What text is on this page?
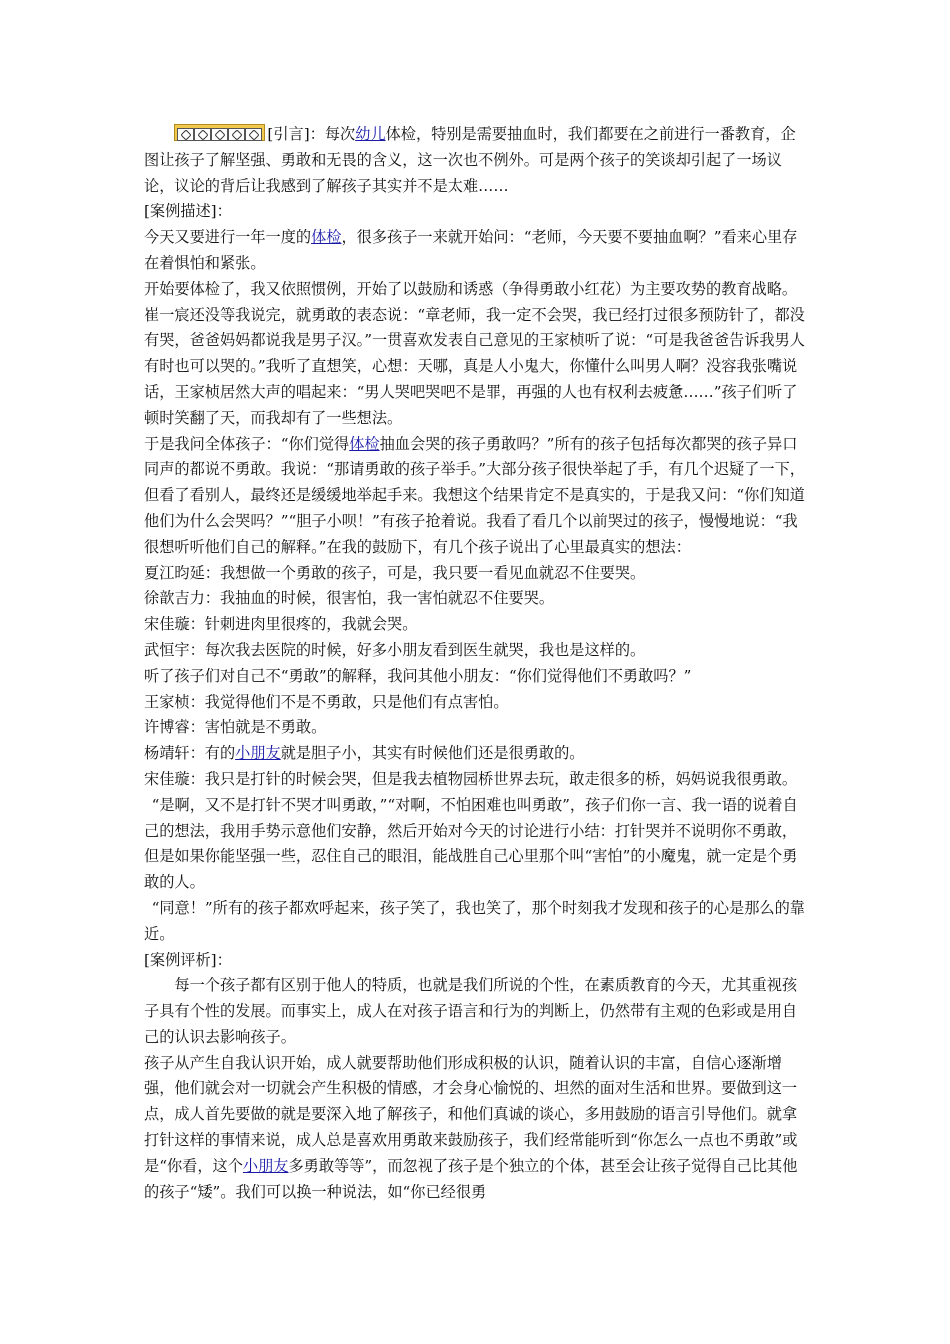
[引言]：每次幼儿体检，特别是需要抽血时，我们都要在之前进行一番教育，企图让孩子了解坚强、勇敢和无畏的含义，这一次也不例外。可是两个孩子的笑谈却引起了一场议论，议论的背后让我感到了解孩子其实并不是太难……

[案例描述]：

今天又要进行一年一度的体检，很多孩子一来就开始问：“老师，今天要不要抽血啊？”看来心里存在着惧怕和紧张。

开始要体检了，我又依照惯例，开始了以鼓励和诱惑（争得勇敢小红花）为主要攻势的教育战略。崔一宸还没等我说完，就勇敢的表态说：“章老师，我一定不会哭，我已经打过很多预防针了，都没有哭，爸爸妈妈都说我是男子汉。”一贯喜欢发表自己意见的王家桢听了说：“可是我爸爸告诉我男人有时也可以哭的。”我听了直想笑，心想：天哪，真是人小鬼大，你懂什么叫男人啊？没容我张嘴说话，王家桢居然大声的唱起来：“男人哭吧哭吧不是罪，再强的人也有权利去疲惫……”孩子们听了顿时笑翻了天，而我却有了一些想法。

于是我问全体孩子：“你们觉得体检抽血会哭的孩子勇敢吗？”所有的孩子包括每次都哭的孩子异口同声的都说不勇敢。我说：“那请勇敢的孩子举手。”大部分孩子很快举起了手，有几个迟疑了一下，但看了看别人，最终还是缓缓地举起手来。我想这个结果肯定不是真实的，于是我又问：“你们知道他们为什么会哭吗？”“胆子小呗！”有孩子抢着说。我看了看几个以前哭过的孩子，慢慢地说：“我很想听听他们自己的解释。”在我的鼓励下，有几个孩子说出了心里最真实的想法：

夏江昀延：我想做一个勇敢的孩子，可是，我只要一看见血就忍不住要哭。

徐歆吉力：我抽血的时候，很害怕，我一害怕就忍不住要哭。

宋佳璇：针刺进肉里很疼的，我就会哭。

武恒宇：每次我去医院的时候，好多小朋友看到医生就哭，我也是这样的。

听了孩子们对自己不“勇敢”的解释，我问其他小朋友：“你们觉得他们不勇敢吗？”

王家桢：我觉得他们不是不勇敢，只是他们有点害怕。

许博睿：害怕就是不勇敢。

杨靖轩：有的小朋友就是胆子小，其实有时候他们还是很勇敢的。

宋佳璇：我只是打针的时候会哭，但是我去植物园桥世界去玩，敢走很多的桥，妈妈说我很勇敢。

“是啊，又不是打针不哭才叫勇敢，”“对啊，不怕困难也叫勇敢”，孩子们你一言、我一语的说着自己的想法，我用手势示意他们安静，然后开始对今天的讨论进行小结：打针哭并不说明你不勇敢，但是如果你能坚强一些，忍住自己的眼泪，能战胜自己心里那个叫“害怕”的小魔鬼，就一定是个勇敢的人。

“同意！”所有的孩子都欢呼起来，孩子笑了，我也笑了，那个时刻我才发现和孩子的心是那么的靠近。

[案例评析]：

每一个孩子都有区别于他人的特质，也就是我们所说的个性，在素质教育的今天，尤其重视孩子具有个性的发展。而事实上，成人在对孩子语言和行为的判断上，仍然带有主观的色彩或是用自己的认识去影响孩子。

孩子从产生自我认识开始，成人就要帮助他们形成积极的认识，随着认识的丰富，自信心逐渐增强，他们就会对一切就会产生积极的情感，才会身心愉悦的、坦然的面对生活和世界。要做到这一点，成人首先要做的就是要深入地了解孩子，和他们真诚的谈心，多用鼓励的语言引导他们。就拿打针这样的事情来说，成人总是喜欢用勇敢来鼓励孩子，我们经常能听到“你怎么一点也不勇敢”或是“你看，这个小朋友多勇敢等等”，而忽视了孩子是个独立的个体，甚至会让孩子觉得自己比其他的孩子“矮”。我们可以换一种说法，如“你已经很勇
